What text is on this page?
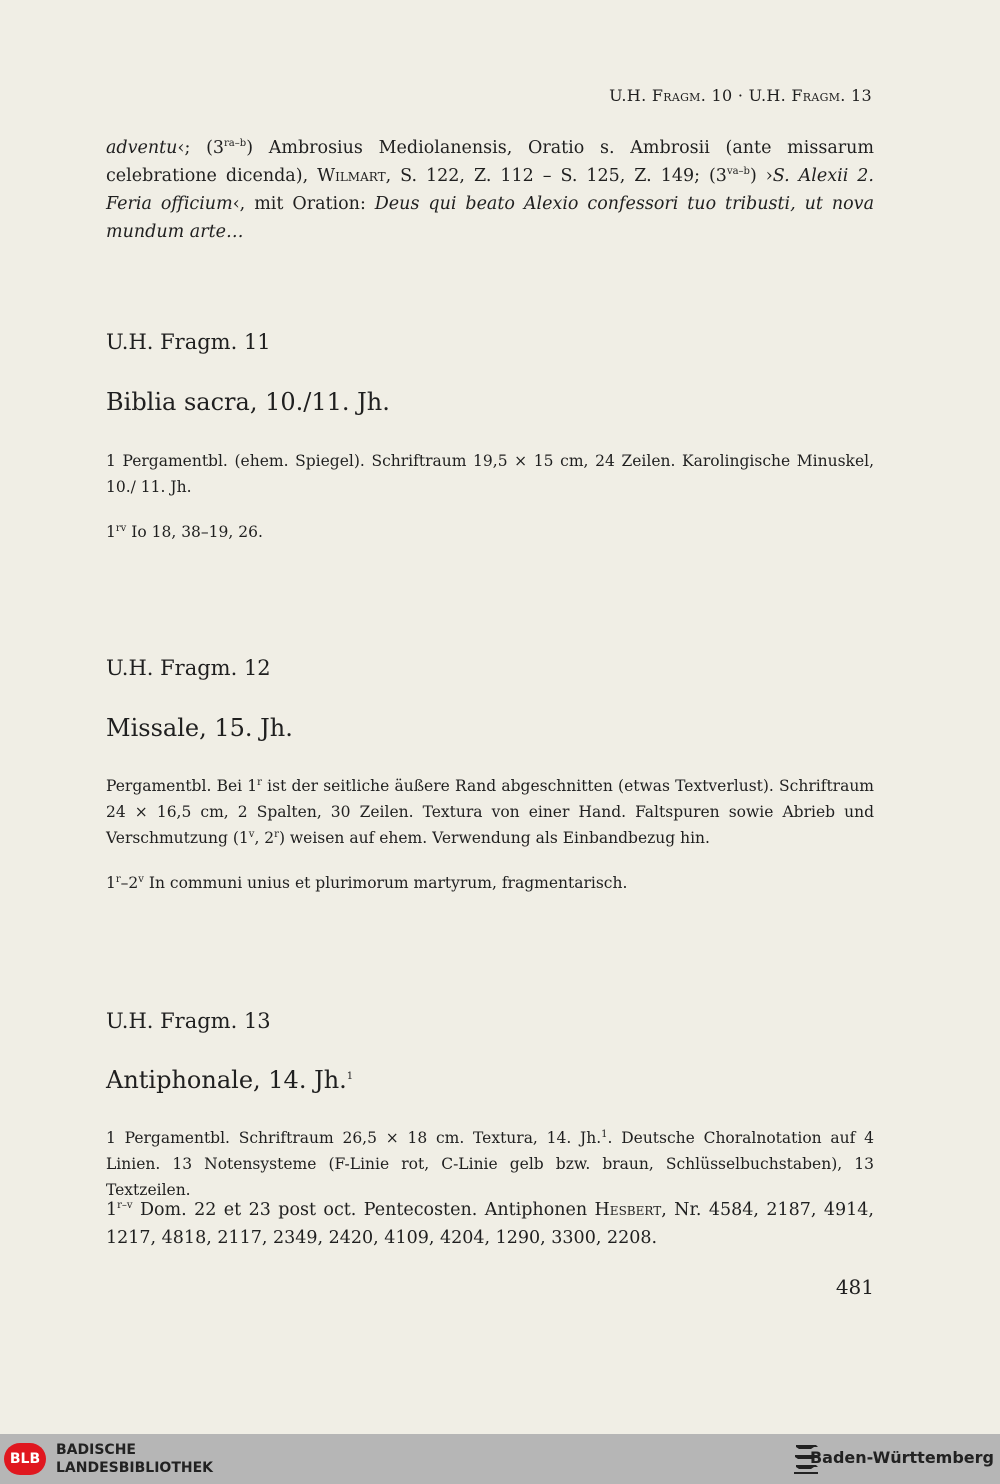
U.H. Fragm. 10 · U.H. Fragm. 13
adventu‹; $(3^{ra-b})$ Ambrosius Mediolanensis, Oratio s. Ambrosii (ante missarum celebratione dicenda), Wilmart, S. 122, Z. 112 – S. 125, Z. 149; $(3^{va-b})$ ›S. Alexii 2. Feria officium‹, mit Oration: Deus qui beato Alexio confessori tuo tribusti, ut nova mundum arte…
U.H. Fragm. 11
Biblia sacra, 10./11. Jh.
1 Pergamentbl. (ehem. Spiegel). Schriftraum 19,5 × 15 cm, 24 Zeilen. Karolingische Minuskel, 10./ 11. Jh.
$1^{rv}$ Io 18, 38–19, 26.
U.H. Fragm. 12
Missale, 15. Jh.
Pergamentbl. Bei 1$^r$ ist der seitliche äußere Rand abgeschnitten (etwas Textverlust). Schriftraum 24 × 16,5 cm, 2 Spalten, 30 Zeilen. Textura von einer Hand. Faltspuren sowie Abrieb und Verschmutzung (1$^v$, 2$^r$) weisen auf ehem. Verwendung als Einbandbezug hin.
1$^r$–2$^v$ In communi unius et plurimorum martyrum, fragmentarisch.
U.H. Fragm. 13
Antiphonale, 14. Jh.$^1$
1 Pergamentbl. Schriftraum 26,5 × 18 cm. Textura, 14. Jh.$^1$. Deutsche Choralnotation auf 4 Linien. 13 Notensysteme (F-Linie rot, C-Linie gelb bzw. braun, Schlüsselbuchstaben), 13 Textzeilen.
1$^{r-v}$ Dom. 22 et 23 post oct. Pentecosten. Antiphonen Hesbert, Nr. 4584, 2187, 4914, 1217, 4818, 2117, 2349, 2420, 4109, 4204, 1290, 3300, 2208.
481
BLB
BADISCHE
LANDESBIBLIOTHEK
Baden-Württemberg
